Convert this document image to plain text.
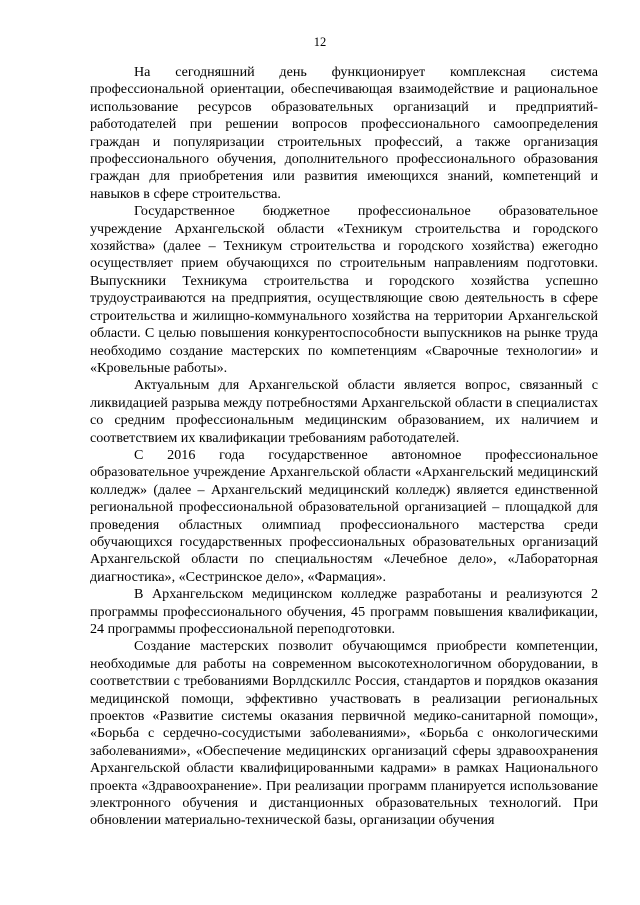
12

На сегодняшний день функционирует комплексная система профессиональной ориентации, обеспечивающая взаимодействие и рациональное использование ресурсов образовательных организаций и предприятий-работодателей при решении вопросов профессионального самоопределения граждан и популяризации строительных профессий, а также организация профессионального обучения, дополнительного профессионального образования граждан для приобретения или развития имеющихся знаний, компетенций и навыков в сфере строительства.

Государственное бюджетное профессиональное образовательное учреждение Архангельской области «Техникум строительства и городского хозяйства» (далее – Техникум строительства и городского хозяйства) ежегодно осуществляет прием обучающихся по строительным направлениям подготовки. Выпускники Техникума строительства и городского хозяйства успешно трудоустраиваются на предприятия, осуществляющие свою деятельность в сфере строительства и жилищно-коммунального хозяйства на территории Архангельской области. С целью повышения конкурентоспособности выпускников на рынке труда необходимо создание мастерских по компетенциям «Сварочные технологии» и «Кровельные работы».

Актуальным для Архангельской области является вопрос, связанный с ликвидацией разрыва между потребностями Архангельской области в специалистах со средним профессиональным медицинским образованием, их наличием и соответствием их квалификации требованиям работодателей.

С 2016 года государственное автономное профессиональное образовательное учреждение Архангельской области «Архангельский медицинский колледж» (далее – Архангельский медицинский колледж) является единственной региональной профессиональной образовательной организацией – площадкой для проведения областных олимпиад профессионального мастерства среди обучающихся государственных профессиональных образовательных организаций Архангельской области по специальностям «Лечебное дело», «Лабораторная диагностика», «Сестринское дело», «Фармация».

В Архангельском медицинском колледже разработаны и реализуются 2 программы профессионального обучения, 45 программ повышения квалификации, 24 программы профессиональной переподготовки.

Создание мастерских позволит обучающимся приобрести компетенции, необходимые для работы на современном высокотехнологичном оборудовании, в соответствии с требованиями Ворлдскиллс Россия, стандартов и порядков оказания медицинской помощи, эффективно участвовать в реализации региональных проектов «Развитие системы оказания первичной медико-санитарной помощи», «Борьба с сердечно-сосудистыми заболеваниями», «Борьба с онкологическими заболеваниями», «Обеспечение медицинских организаций сферы здравоохранения Архангельской области квалифицированными кадрами» в рамках Национального проекта «Здравоохранение». При реализации программ планируется использование электронного обучения и дистанционных образовательных технологий. При обновлении материально-технической базы, организации обучения
